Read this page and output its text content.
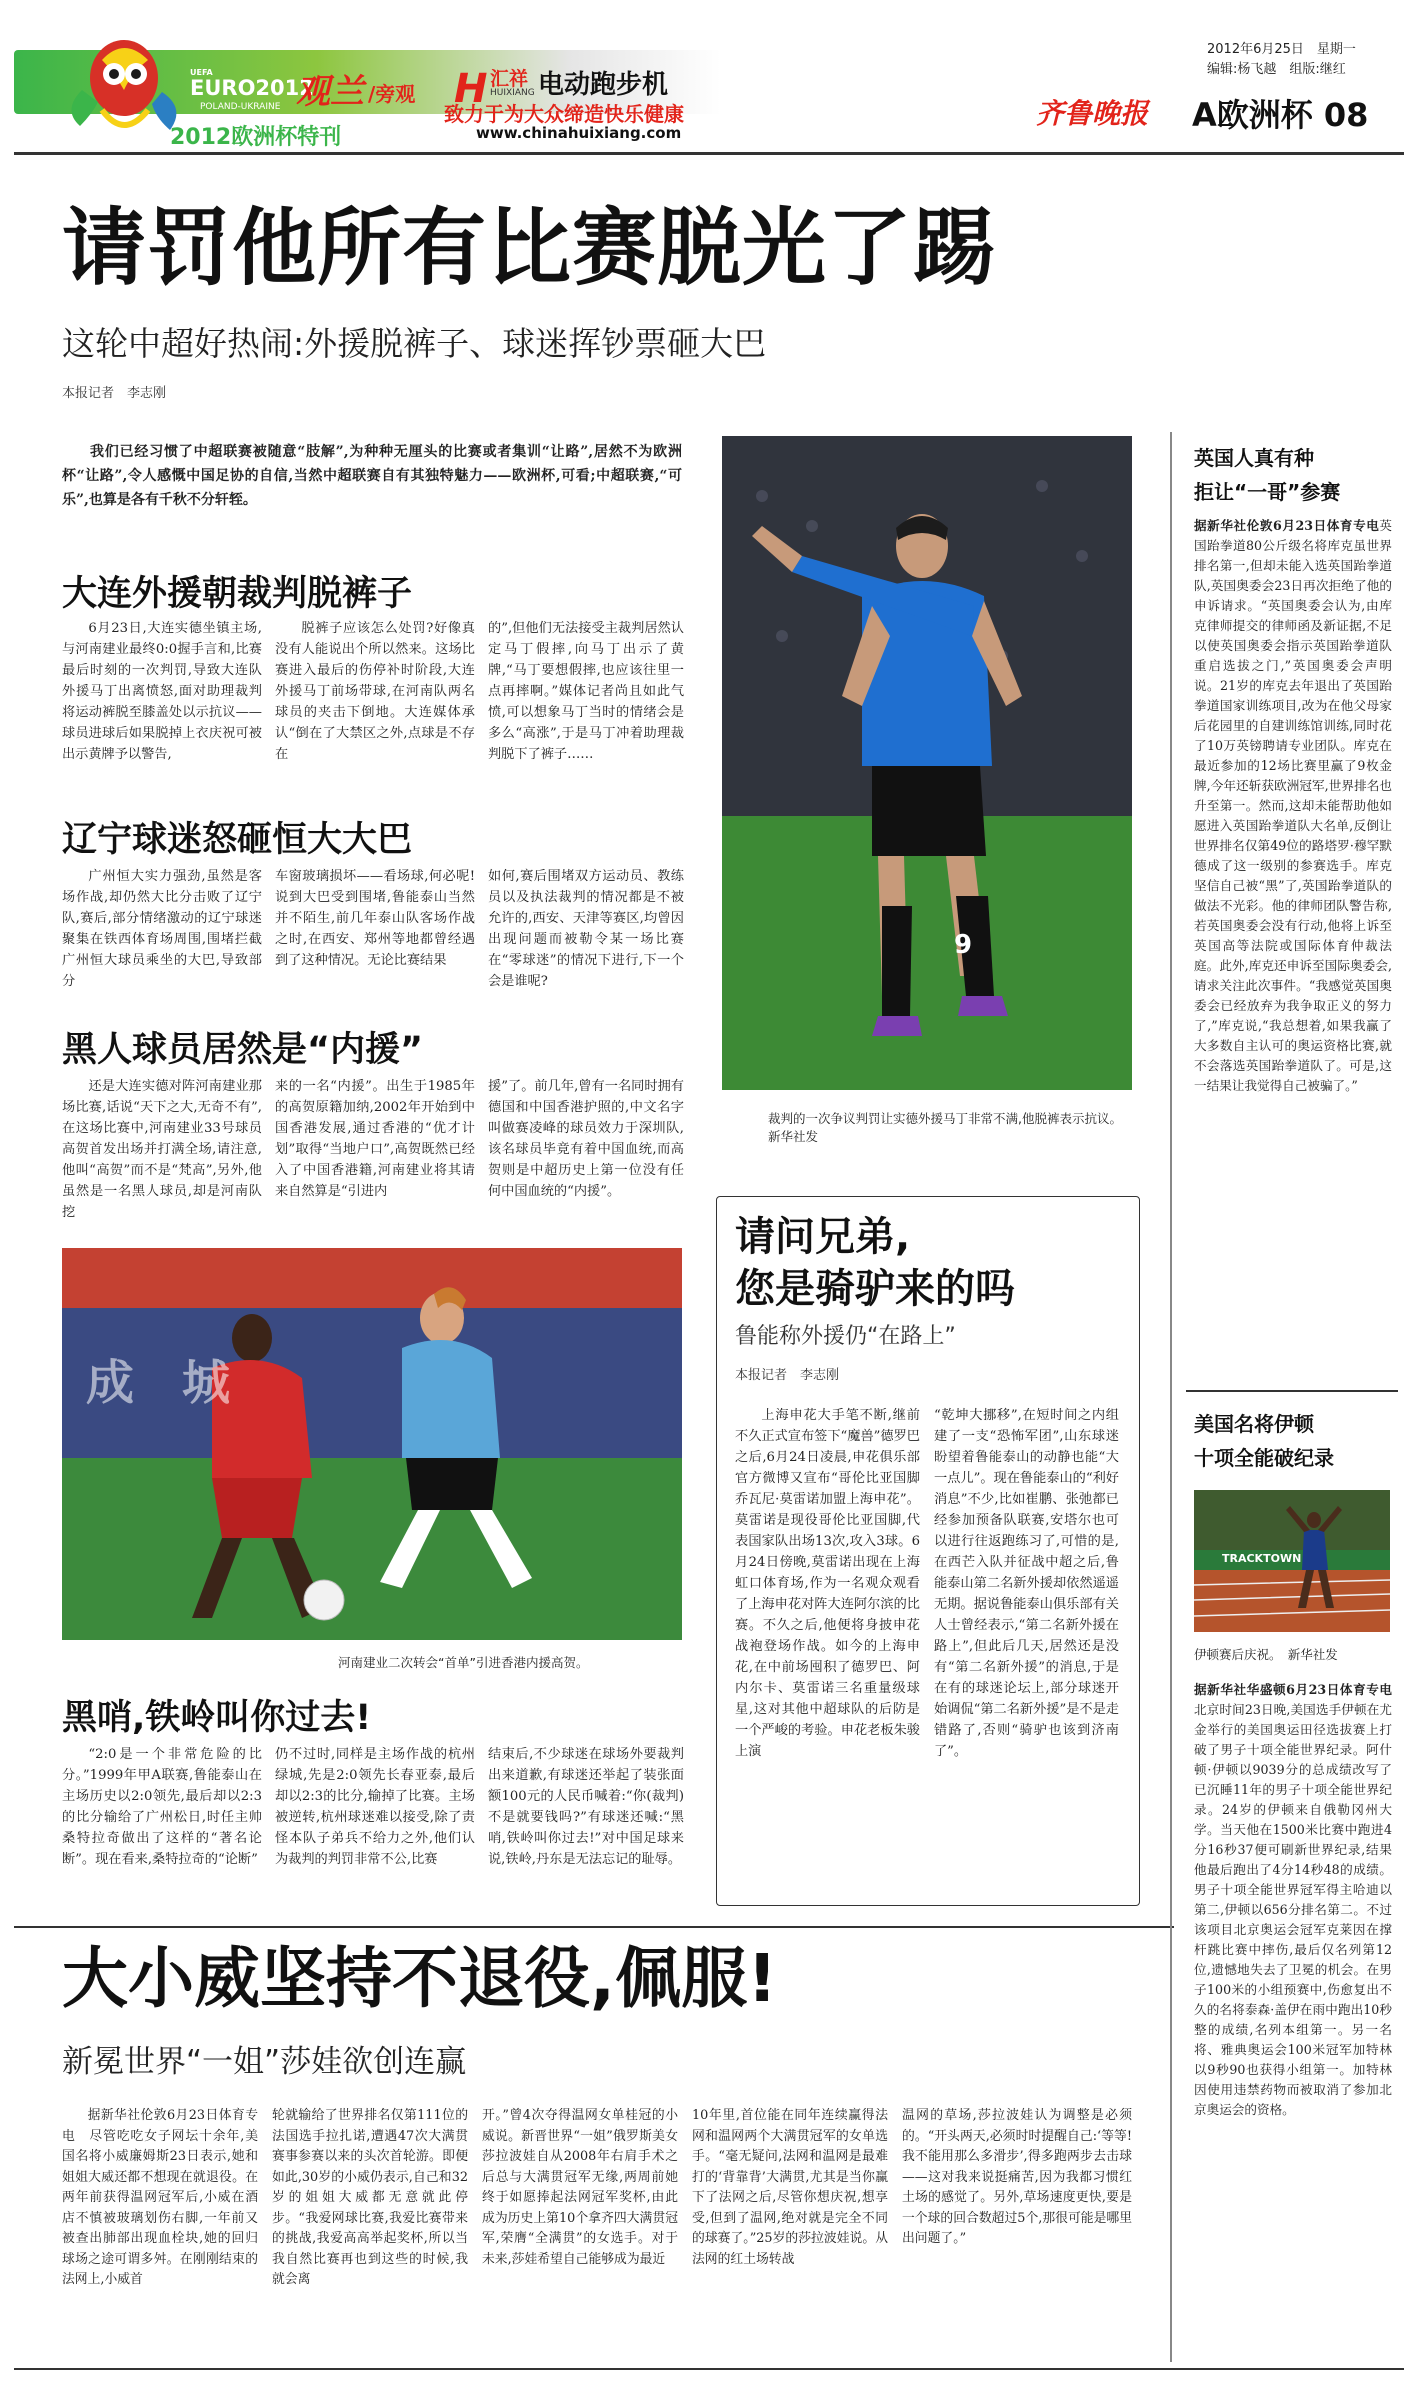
UEFA
EURO2012
POLAND-UKRAINE
2012欧洲杯特刊
观兰 /旁观 H 汇祥
HUIXIANG 电动跑步机
致力于为大众缔造快乐健康
www.chinahuixiang.com
2012年6月25日　星期一
编辑:杨飞越　组版:继红
齐鲁晚报 A欧洲杯 08
请罚他所有比赛脱光了踢
这轮中超好热闹:外援脱裤子、球迷挥钞票砸大巴
本报记者　李志刚
我们已经习惯了中超联赛被随意“肢解”,为种种无厘头的比赛或者集训“让路”,居然不为欧洲杯“让路”,令人感慨中国足协的自信,当然中超联赛自有其独特魅力——欧洲杯,可看;中超联赛,“可乐”,也算是各有千秋不分轩轾。
大连外援朝裁判脱裤子

6月23日,大连实德坐镇主场,与河南建业最终0:0握手言和,比赛最后时刻的一次判罚,导致大连队外援马丁出离愤怒,面对助理裁判将运动裤脱至膝盖处以示抗议——球员进球后如果脱掉上衣庆祝可被出示黄牌予以警告,

脱裤子应该怎么处罚?好像真没有人能说出个所以然来。这场比赛进入最后的伤停补时阶段,大连外援马丁前场带球,在河南队两名球员的夹击下倒地。大连媒体承认“倒在了大禁区之外,点球是不存在

的”,但他们无法接受主裁判居然认定马丁假摔,向马丁出示了黄牌,“马丁要想假摔,也应该往里一点再摔啊。”媒体记者尚且如此气愤,可以想象马丁当时的情绪会是多么“高涨”,于是马丁冲着助理裁判脱下了裤子……

辽宁球迷怒砸恒大大巴

广州恒大实力强劲,虽然是客场作战,却仍然大比分击败了辽宁队,赛后,部分情绪激动的辽宁球迷聚集在铁西体育场周围,围堵拦截广州恒大球员乘坐的大巴,导致部分

车窗玻璃损坏——看场球,何必呢!说到大巴受到围堵,鲁能泰山当然并不陌生,前几年泰山队客场作战之时,在西安、郑州等地都曾经遇到了这种情况。无论比赛结果

如何,赛后围堵双方运动员、教练员以及执法裁判的情况都是不被允许的,西安、天津等赛区,均曾因出现问题而被勒令某一场比赛在“零球迷”的情况下进行,下一个会是谁呢?

黑人球员居然是“内援”

还是大连实德对阵河南建业那场比赛,话说“天下之大,无奇不有”,在这场比赛中,河南建业33号球员高贺首发出场并打满全场,请注意,他叫“高贺”而不是“梵高”,另外,他虽然是一名黑人球员,却是河南队挖

来的一名“内援”。出生于1985年的高贺原籍加纳,2002年开始到中国香港发展,通过香港的“优才计划”取得“当地户口”,高贺既然已经入了中国香港籍,河南建业将其请来自然算是“引进内

援”了。前几年,曾有一名同时拥有德国和中国香港护照的,中文名字叫做赛凌峰的球员效力于深圳队,该名球员毕竟有着中国血统,而高贺则是中超历史上第一位没有任何中国血统的“内援”。

9
裁判的一次争议判罚让实德外援马丁非常不满,他脱裤表示抗议。　　　　新华社发
成　城
河南建业二次转会“首单”引进香港内援高贺。
黑哨,铁岭叫你过去!

“2:0是一个非常危险的比分。”1999年甲A联赛,鲁能泰山在主场历史以2:0领先,最后却以2:3的比分输给了广州松日,时任主帅桑特拉奇做出了这样的“著名论断”。现在看来,桑特拉奇的“论断”

仍不过时,同样是主场作战的杭州绿城,先是2:0领先长春亚泰,最后却以2:3的比分,输掉了比赛。主场被逆转,杭州球迷难以接受,除了责怪本队子弟兵不给力之外,他们认为裁判的判罚非常不公,比赛

结束后,不少球迷在球场外要裁判出来道歉,有球迷还举起了装张面额100元的人民币喊着:“你(裁判)不是就要钱吗?”有球迷还喊:“黑哨,铁岭叫你过去!”对中国足球来说,铁岭,丹东是无法忘记的耻辱。

请问兄弟,
您是骑驴来的吗
鲁能称外援仍“在路上”
本报记者　李志刚

上海申花大手笔不断,继前不久正式宣布签下“魔兽”德罗巴之后,6月24日凌晨,申花俱乐部官方微博又宣布“哥伦比亚国脚乔瓦尼·莫雷诺加盟上海申花”。莫雷诺是现役哥伦比亚国脚,代表国家队出场13次,攻入3球。6月24日傍晚,莫雷诺出现在上海虹口体育场,作为一名观众观看了上海申花对阵大连阿尔滨的比赛。不久之后,他便将身披申花战袍登场作战。如今的上海申花,在中前场囤积了德罗巴、阿内尔卡、莫雷诺三名重量级球星,这对其他中超球队的后防是一个严峻的考验。申花老板朱骏上演

“乾坤大挪移”,在短时间之内组建了一支“恐怖军团”,山东球迷盼望着鲁能泰山的动静也能“大一点儿”。现在鲁能泰山的“利好消息”不少,比如崔鹏、张弛都已经参加预备队联赛,安塔尔也可以进行往返跑练习了,可惜的是,在西芒入队并征战中超之后,鲁能泰山第二名新外援却依然遥遥无期。据说鲁能泰山俱乐部有关人士曾经表示,“第二名新外援在路上”,但此后几天,居然还是没有“第二名新外援”的消息,于是在有的球迷论坛上,部分球迷开始调侃“第二名新外援”是不是走错路了,否则“骑驴也该到济南了”。

大小威坚持不退役,佩服!
新冕世界“一姐”莎娃欲创连赢

据新华社伦敦6月23日体育专电　尽管吃吃女子网坛十余年,美国名将小威廉姆斯23日表示,她和姐姐大威还都不想现在就退役。在两年前获得温网冠军后,小威在酒店不慎被玻璃划伤右脚,一年前又被查出肺部出现血栓块,她的回归球场之途可谓多舛。在刚刚结束的法网上,小威首

轮就输给了世界排名仅第111位的法国选手拉扎诺,遭遇47次大满贯赛事参赛以来的头次首轮游。即便如此,30岁的小威仍表示,自己和32岁的姐姐大威都无意就此停步。“我爱网球比赛,我爱比赛带来的挑战,我爱高高举起奖杯,所以当我自然比赛再也到这些的时候,我就会离

开。”曾4次夺得温网女单桂冠的小威说。新晋世界“一姐”俄罗斯美女莎拉波娃自从2008年右肩手术之后总与大满贯冠军无缘,两周前她终于如愿捧起法网冠军奖杯,由此成为历史上第10个拿齐四大满贯冠军,荣膺“全满贯”的女选手。对于未来,莎娃希望自己能够成为最近

10年里,首位能在同年连续赢得法网和温网两个大满贯冠军的女单选手。“毫无疑问,法网和温网是最难打的‘背靠背’大满贯,尤其是当你赢下了法网之后,尽管你想庆祝,想享受,但到了温网,绝对就是完全不同的球赛了。”25岁的莎拉波娃说。从法网的红土场转战

温网的草场,莎拉波娃认为调整是必须的。“开头两天,必须时时提醒自己:‘等等!我不能用那么多滑步’,得多跑两步去击球——这对我来说挺痛苦,因为我都习惯红土场的感觉了。另外,草场速度更快,要是一个球的回合数超过5个,那很可能是哪里出问题了。”

英国人真有种
拒让“一哥”参赛
据新华社伦敦6月23日体育专电英国跆拳道80公斤级名将库克虽世界排名第一,但却未能入选英国跆拳道队,英国奥委会23日再次拒绝了他的申诉请求。“英国奥委会认为,由库克律师提交的律师函及新证据,不足以使英国奥委会指示英国跆拳道队重启选拔之门,”英国奥委会声明说。21岁的库克去年退出了英国跆拳道国家训练项目,改为在他父母家后花园里的自建训练馆训练,同时花了10万英镑聘请专业团队。库克在最近参加的12场比赛里赢了9枚金牌,今年还斩获欧洲冠军,世界排名也升至第一。然而,这却未能帮助他如愿进入英国跆拳道队大名单,反倒让世界排名仅第49位的路塔罗·穆罕默德成了这一级别的参赛选手。库克坚信自己被“黑”了,英国跆拳道队的做法不光彩。他的律师团队警告称,若英国奥委会没有行动,他将上诉至英国高等法院或国际体育仲裁法庭。此外,库克还申诉至国际奥委会,请求关注此次事件。“我感觉英国奥委会已经放弃为我争取正义的努力了,”库克说,“我总想着,如果我赢了大多数自主认可的奥运资格比赛,就不会落选英国跆拳道队了。可是,这一结果让我觉得自己被骗了。”
美国名将伊顿
十项全能破纪录
TRACKTOWN
伊顿赛后庆祝。　新华社发
据新华社华盛顿6月23日体育专电北京时间23日晚,美国选手伊顿在尤金举行的美国奥运田径选拔赛上打破了男子十项全能世界纪录。阿什顿·伊顿以9039分的总成绩改写了已沉睡11年的男子十项全能世界纪录。24岁的伊顿来自俄勒冈州大学。当天他在1500米比赛中跑进4分16秒37便可刷新世界纪录,结果他最后跑出了4分14秒48的成绩。男子十项全能世界冠军得主哈迪以第二,伊顿以656分排名第二。不过该项目北京奥运会冠军克莱因在撑杆跳比赛中摔伤,最后仅名列第12位,遗憾地失去了卫冕的机会。在男子100米的小组预赛中,伤愈复出不久的名将泰森·盖伊在雨中跑出10秒整的成绩,名列本组第一。另一名将、雅典奥运会100米冠军加特林以9秒90也获得小组第一。加特林因使用违禁药物而被取消了参加北京奥运会的资格。
